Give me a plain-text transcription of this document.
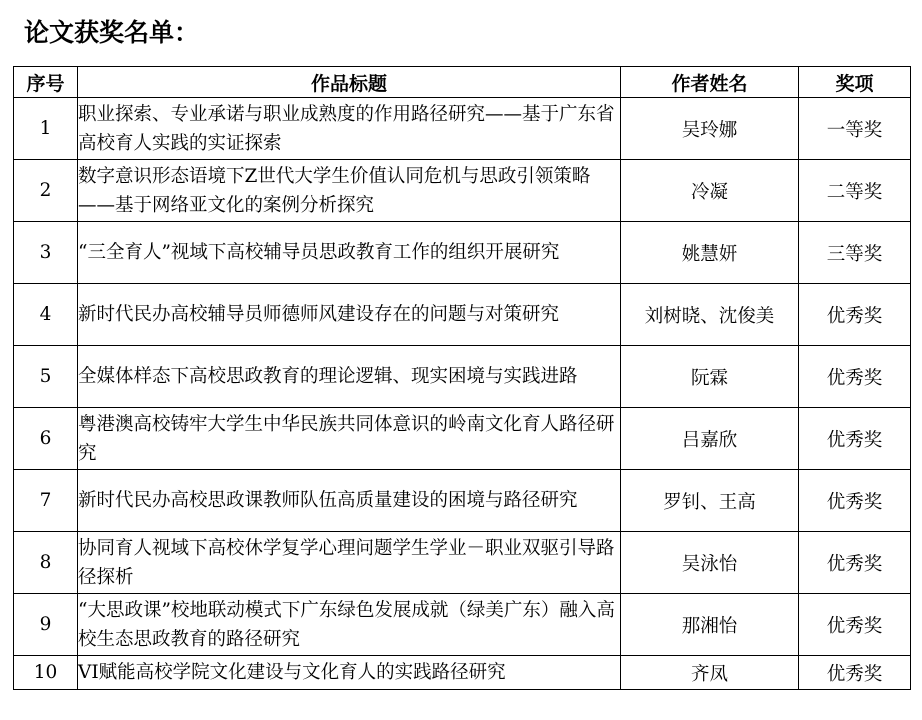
论文获奖名单：
序号	作品标题	作者姓名	奖项
1	职业探索、专业承诺与职业成熟度的作用路径研究——基于广东省高校育人实践的实证探索	吴玲娜	一等奖
2	数字意识形态语境下Z世代大学生价值认同危机与思政引领策略——基于网络亚文化的案例分析探究	冷凝	二等奖
3	“三全育人”视域下高校辅导员思政教育工作的组织开展研究	姚慧妍	三等奖
4	新时代民办高校辅导员师德师风建设存在的问题与对策研究	刘树晓、沈俊美	优秀奖
5	全媒体样态下高校思政教育的理论逻辑、现实困境与实践进路	阮霖	优秀奖
6	粤港澳高校铸牢大学生中华民族共同体意识的岭南文化育人路径研究	吕嘉欣	优秀奖
7	新时代民办高校思政课教师队伍高质量建设的困境与路径研究	罗钊、王高	优秀奖
8	协同育人视域下高校休学复学心理问题学生学业－职业双驱引导路径探析	吴泳怡	优秀奖
9	“大思政课”校地联动模式下广东绿色发展成就（绿美广东）融入高校生态思政教育的路径研究	那湘怡	优秀奖
10	VI赋能高校学院文化建设与文化育人的实践路径研究	齐凤	优秀奖
